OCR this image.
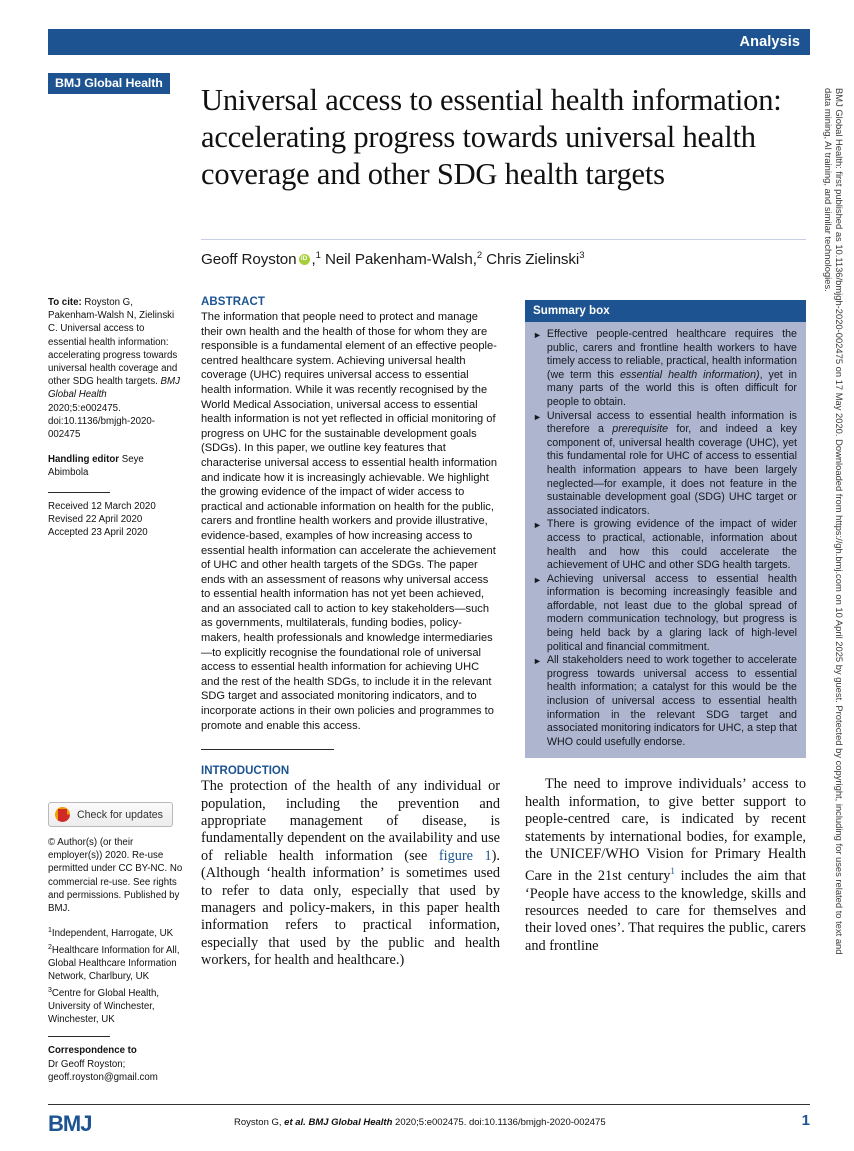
Analysis
BMJ Global Health
Universal access to essential health information: accelerating progress towards universal health coverage and other SDG health targets
Geoff Royston iD ,$^1$ Neil Pakenham-Walsh,$^2$ Chris Zielinski$^3$
To cite: Royston G, Pakenham-Walsh N, Zielinski C. Universal access to essential health information: accelerating progress towards universal health coverage and other SDG health targets. BMJ Global Health 2020;5:e002475. doi:10.1136/bmjgh-2020-002475
Handling editor Seye Abimbola
Received 12 March 2020
Revised 22 April 2020
Accepted 23 April 2020
Check for updates

© Author(s) (or their employer(s)) 2020. Re-use permitted under CC BY-NC. No commercial re-use. See rights and permissions. Published by BMJ.

$^1$Independent, Harrogate, UK
$^2$Healthcare Information for All, Global Healthcare Information Network, Charlbury, UK
$^3$Centre for Global Health, University of Winchester, Winchester, UK

Correspondence to
Dr Geoff Royston;
geoff.royston@gmail.com

ABSTRACT

The information that people need to protect and manage their own health and the health of those for whom they are responsible is a fundamental element of an effective people-centred healthcare system. Achieving universal health coverage (UHC) requires universal access to essential health information. While it was recently recognised by the World Medical Association, universal access to essential health information is not yet reflected in official monitoring of progress on UHC for the sustainable development goals (SDGs). In this paper, we outline key features that characterise universal access to essential health information and indicate how it is increasingly achievable. We highlight the growing evidence of the impact of wider access to practical and actionable information on health for the public, carers and frontline health workers and provide illustrative, evidence-based, examples of how increasing access to essential health information can accelerate the achievement of UHC and other health targets of the SDGs. The paper ends with an assessment of reasons why universal access to essential health information has not yet been achieved, and an associated call to action to key stakeholders—such as governments, multilaterals, funding bodies, policy-makers, health professionals and knowledge intermediaries—to explicitly recognise the foundational role of universal access to essential health information for achieving UHC and the rest of the health SDGs, to include it in the relevant SDG target and associated monitoring indicators, and to incorporate actions in their own policies and programmes to promote and enable this access.

INTRODUCTION

The protection of the health of any individual or population, including the prevention and appropriate management of disease, is fundamentally dependent on the availability and use of reliable health information (see figure 1). (Although ‘health information’ is sometimes used to refer to data only, especially that used by managers and policy-makers, in this paper health information refers to practical information, especially that used by the public and health workers, for health and healthcare.)

Summary box
► Effective people-centred healthcare requires the public, carers and frontline health workers to have timely access to reliable, practical, health information (we term this essential health information), yet in many parts of the world this is often difficult for people to obtain.
► Universal access to essential health information is therefore a prerequisite for, and indeed a key component of, universal health coverage (UHC), yet this fundamental role for UHC of access to essential health information appears to have been largely neglected—for example, it does not feature in the sustainable development goal (SDG) UHC target or associated indicators.
► There is growing evidence of the impact of wider access to practical, actionable, information about health and how this could accelerate the achievement of UHC and other SDG health targets.
► Achieving universal access to essential health information is becoming increasingly feasible and affordable, not least due to the global spread of modern communication technology, but progress is being held back by a glaring lack of high-level political and financial commitment.
► All stakeholders need to work together to accelerate progress towards universal access to essential health information; a catalyst for this would be the inclusion of universal access to essential health information in the relevant SDG target and associated monitoring indicators for UHC, a step that WHO could usefully endorse.

The need to improve individuals’ access to health information, to give better support to people-centred care, is indicated by recent statements by international bodies, for example, the UNICEF/WHO Vision for Primary Health Care in the 21st century$^1$ includes the aim that ‘People have access to the knowledge, skills and resources needed to care for themselves and their loved ones’. That requires the public, carers and frontline

BMJ	Royston G, et al. BMJ Global Health 2020;5:e002475. doi:10.1136/bmjgh-2020-002475	1
BMJ Global Health: first published as 10.1136/bmjgh-2020-002475 on 17 May 2020. Downloaded from https://gh.bmj.com on 10 April 2025 by guest. Protected by copyright, including for uses related to text and data mining, AI training, and similar technologies.
